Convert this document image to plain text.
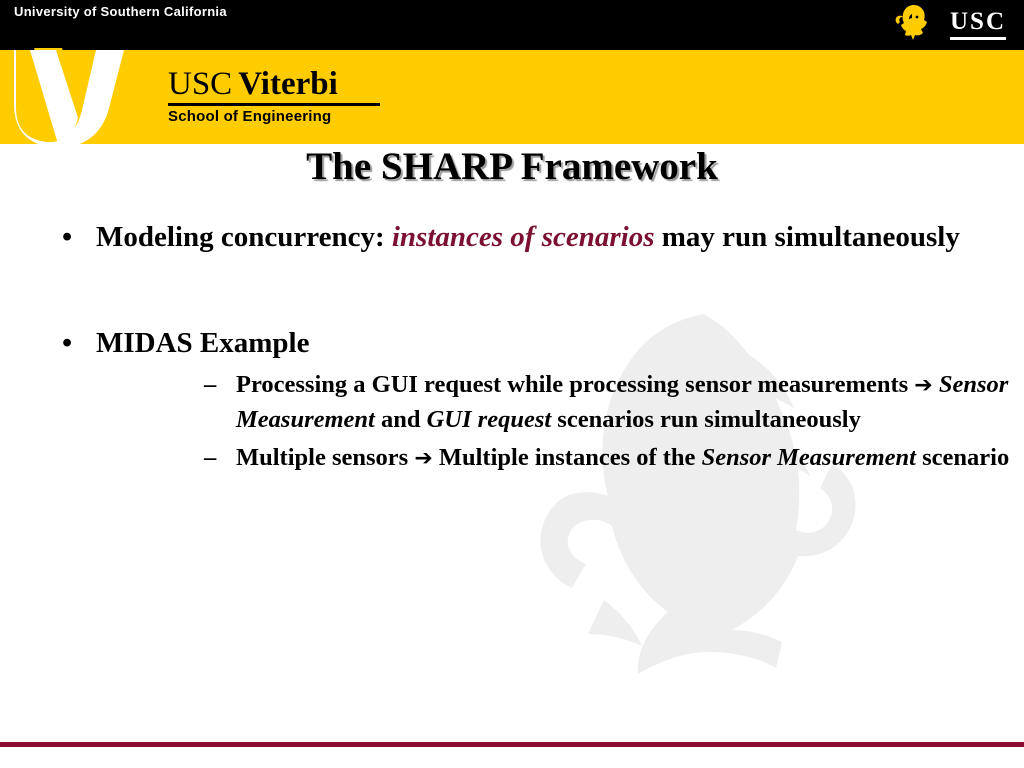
University of Southern California	USC
USC Viterbi
School of Engineering
The SHARP Framework
• Modeling concurrency: instances of scenarios may run simultaneously
• MIDAS Example
– Processing a GUI request while processing sensor measurements ➔ Sensor Measurement and GUI request scenarios run simultaneously
– Multiple sensors ➔ Multiple instances of the Sensor Measurement scenario
